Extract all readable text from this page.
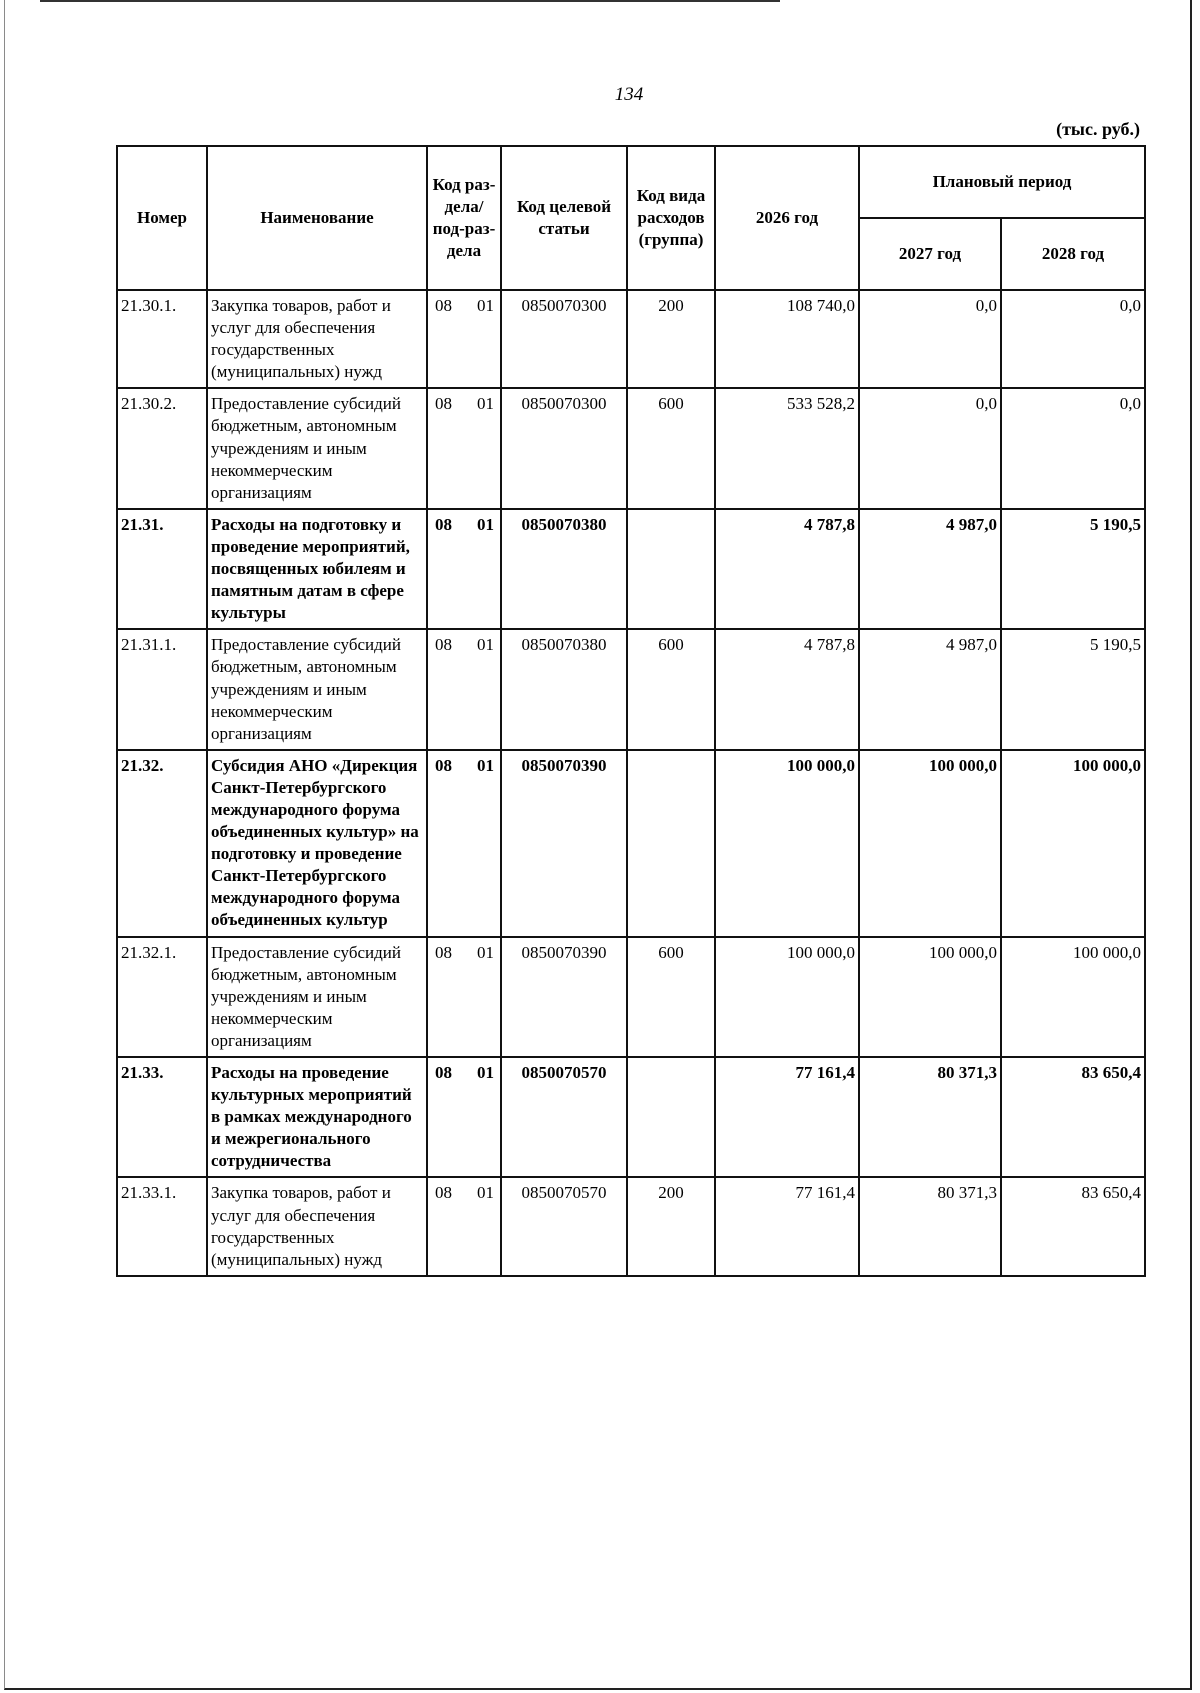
134
(тыс. руб.)
Номер	Наименование	Код раз-дела/ под-раз-дела	Код целевой статьи	Код вида расходов (группа)	2026 год	Плановый период	
						2027 год	2028 год
21.30.1.	Закупка товаров, работ и услуг для обеспечения государственных (муниципальных) нужд	08 01	0850070300	200	108 740,0	0,0	0,0
21.30.2.	Предоставление субсидий бюджетным, автономным учреждениям и иным некоммерческим организациям	08 01	0850070300	600	533 528,2	0,0	0,0
21.31.	Расходы на подготовку и проведение мероприятий, посвященных юбилеям и памятным датам в сфере культуры	08 01	0850070380		4 787,8	4 987,0	5 190,5
21.31.1.	Предоставление субсидий бюджетным, автономным учреждениям и иным некоммерческим организациям	08 01	0850070380	600	4 787,8	4 987,0	5 190,5
21.32.	Субсидия АНО «Дирекция Санкт-Петербургского международного форума объединенных культур» на подготовку и проведение Санкт-Петербургского международного форума объединенных культур	08 01	0850070390		100 000,0	100 000,0	100 000,0
21.32.1.	Предоставление субсидий бюджетным, автономным учреждениям и иным некоммерческим организациям	08 01	0850070390	600	100 000,0	100 000,0	100 000,0
21.33.	Расходы на проведение культурных мероприятий в рамках международного и межрегионального сотрудничества	08 01	0850070570		77 161,4	80 371,3	83 650,4
21.33.1.	Закупка товаров, работ и услуг для обеспечения государственных (муниципальных) нужд	08 01	0850070570	200	77 161,4	80 371,3	83 650,4
